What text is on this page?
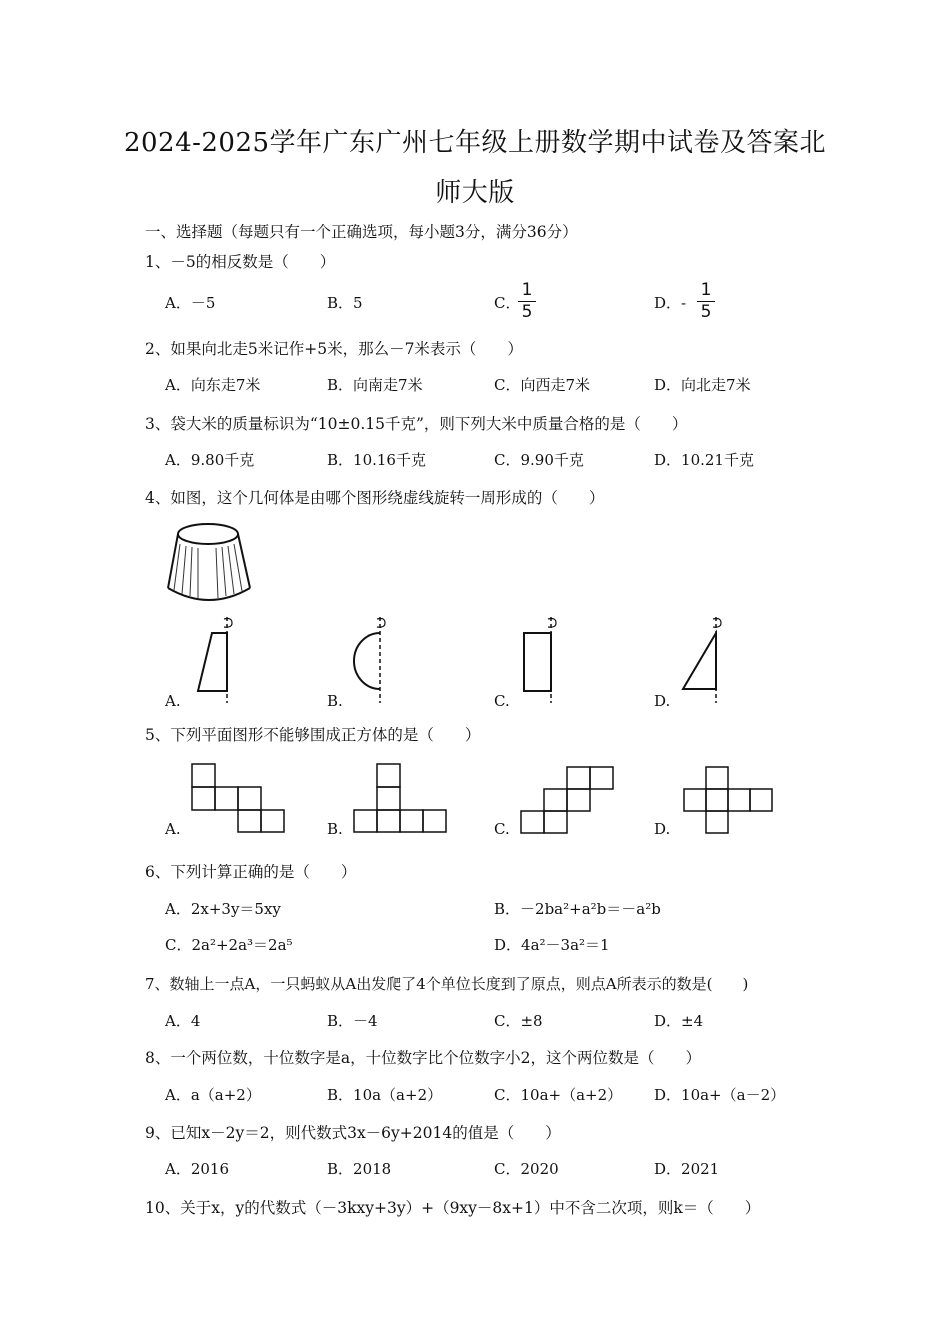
2024-2025学年广东广州七年级上册数学期中试卷及答案北
师大版
一、选择题（每题只有一个正确选项，每小题3分，满分36分）
1、－5的相反数是（　　）
A．－5	B．5	C．
1
5	D．-
1
5
2、如果向北走5米记作+5米，那么－7米表示（　　）
A．向东走7米	B．向南走7米	C．向西走7米	D．向北走7米
3、袋大米的质量标识为“10±0.15千克”，则下列大米中质量合格的是（　　）
A．9.80千克	B．10.16千克	C．9.90千克	D．10.21千克
4、如图，这个几何体是由哪个图形绕虚线旋转一周形成的（　　）
A.	B.	C.	D.
5、下列平面图形不能够围成正方体的是（　　）
A.	B.	C.	D.
6、下列计算正确的是（　　）
A．2x+3y＝5xy	B．－2ba²+a²b＝－a²b
C．2a²+2a³＝2a⁵	D．4a²－3a²＝1
7、数轴上一点A，一只蚂蚁从A出发爬了4个单位长度到了原点，则点A所表示的数是(　　)
A．4	B．－4	C．±8	D．±4
8、一个两位数，十位数字是a，十位数字比个位数字小2，这个两位数是（　　）
A．a（a+2）	B．10a（a+2）	C．10a+（a+2） D．10a+（a－2）
9、已知x－2y＝2，则代数式3x－6y+2014的值是（　　）
A．2016	B．2018	C．2020	D．2021
10、关于x，y的代数式（－3kxy+3y）+（9xy－8x+1）中不含二次项，则k＝（　　）
